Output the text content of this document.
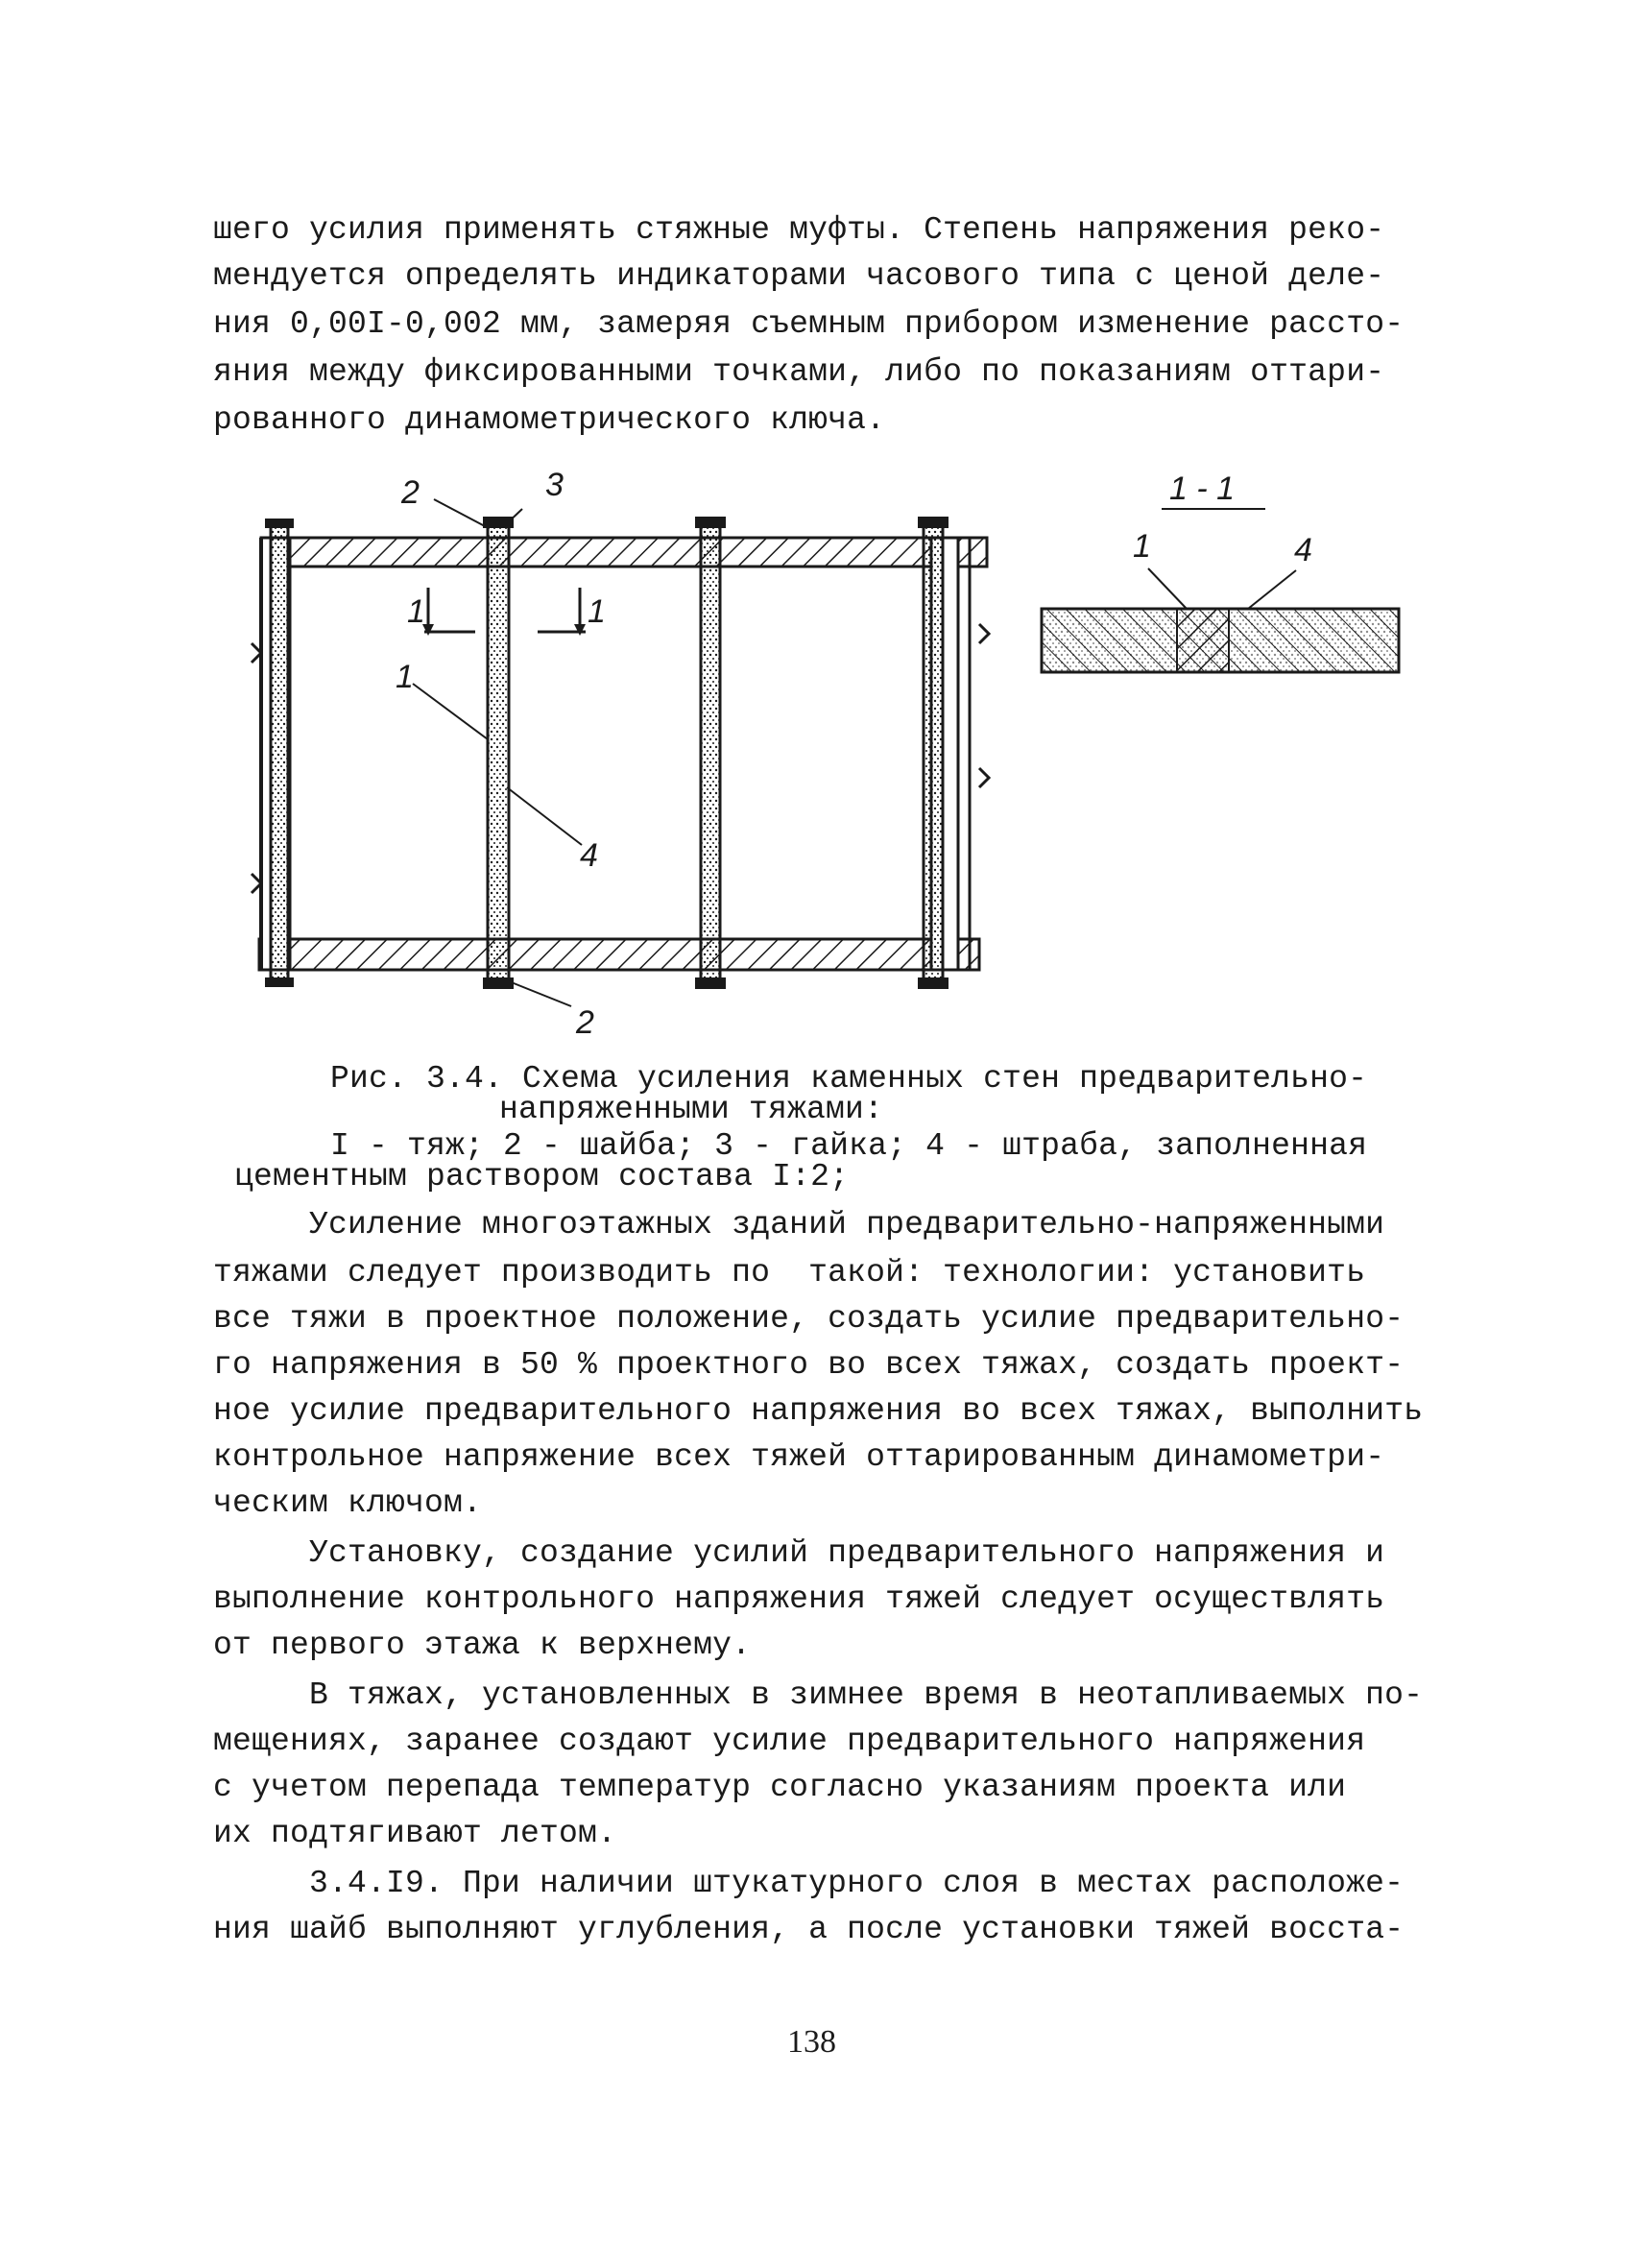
шего усилия применять стяжные муфты. Степень напряжения реко-
мендуется определять индикаторами часового типа с ценой деле-
ния 0,00I-0,002 мм, замеряя съемным прибором изменение расcто-
яния между фиксированными точками, либо по показаниям оттари-
рованного динамометрического ключа.
1	1
2	3
1
4
2
1 - 1
1	4
Рис. 3.4. Схема усиления каменных стен предварительно-
напряженными тяжами:
I - тяж; 2 - шайба; 3 - гайка; 4 - штраба, заполненная
цементным раствором состава I:2;
Усиление многоэтажных зданий предварительно-напряженными
тяжами следует производить по  такой: технологии: установить
все тяжи в проектное положение, создать усилие предварительно-
го напряжения в 50 % проектного во всех тяжах, создать проект-
ное усилие предварительного напряжения во всех тяжах, выполнить
контрольное напряжение всех тяжей оттарированным динамометри-
ческим ключом.
Установку, создание усилий предварительного напряжения и
выполнение контрольного напряжения тяжей следует осуществлять
от первого этажа к верхнему.
В тяжах, установленных в зимнее время в неотапливаемых по-
мещениях, заранее создают усилие предварительного напряжения
с учетом перепада температур согласно указаниям проекта или
их подтягивают летом.
3.4.I9. При наличии штукатурного слоя в местах расположе-
ния шайб выполняют углубления, а после установки тяжей восста-
138
